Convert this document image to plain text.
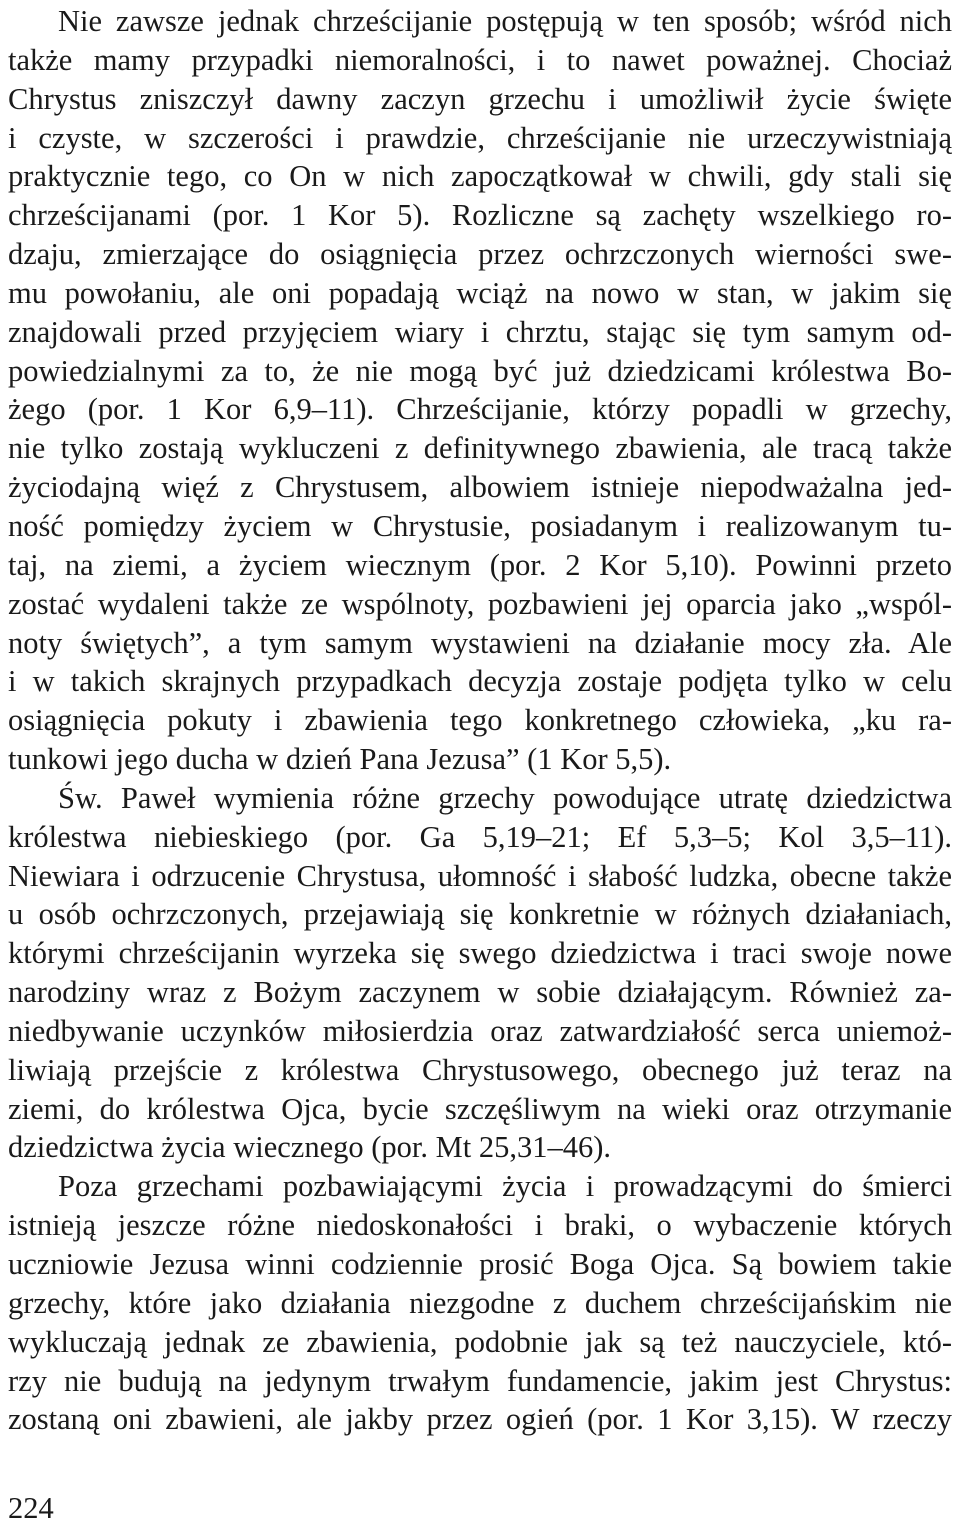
Nie zawsze jednak chrześcijanie postępują w ten sposób; wśród nich
także mamy przypadki niemoralności, i to nawet poważnej. Chociaż
Chrystus zniszczył dawny zaczyn grzechu i umożliwił życie święte
i czyste, w szczerości i prawdzie, chrześcijanie nie urzeczywistniają
praktycznie tego, co On w nich zapoczątkował w chwili, gdy stali się
chrześcijanami (por. 1 Kor 5). Rozliczne są zachęty wszelkiego ro-
dzaju, zmierzające do osiągnięcia przez ochrzczonych wierności swe-
mu powołaniu, ale oni popadają wciąż na nowo w stan, w jakim się
znajdowali przed przyjęciem wiary i chrztu, stając się tym samym od-
powiedzialnymi za to, że nie mogą być już dziedzicami królestwa Bo-
żego (por. 1 Kor 6,9–11). Chrześcijanie, którzy popadli w grzechy,
nie tylko zostają wykluczeni z definitywnego zbawienia, ale tracą także
życiodajną więź z Chrystusem, albowiem istnieje niepodważalna jed-
ność pomiędzy życiem w Chrystusie, posiadanym i realizowanym tu-
taj, na ziemi, a życiem wiecznym (por. 2 Kor 5,10). Powinni przeto
zostać wydaleni także ze wspólnoty, pozbawieni jej oparcia jako „wspól-
noty świętych”, a tym samym wystawieni na działanie mocy zła. Ale
i w takich skrajnych przypadkach decyzja zostaje podjęta tylko w celu
osiągnięcia pokuty i zbawienia tego konkretnego człowieka, „ku ra-
tunkowi jego ducha w dzień Pana Jezusa” (1 Kor 5,5).
Św. Paweł wymienia różne grzechy powodujące utratę dziedzictwa
królestwa niebieskiego (por. Ga 5,19–21; Ef 5,3–5; Kol 3,5–11).
Niewiara i odrzucenie Chrystusa, ułomność i słabość ludzka, obecne także
u osób ochrzczonych, przejawiają się konkretnie w różnych działaniach,
którymi chrześcijanin wyrzeka się swego dziedzictwa i traci swoje nowe
narodziny wraz z Bożym zaczynem w sobie działającym. Również za-
niedbywanie uczynków miłosierdzia oraz zatwardziałość serca uniemoż-
liwiają przejście z królestwa Chrystusowego, obecnego już teraz na
ziemi, do królestwa Ojca, bycie szczęśliwym na wieki oraz otrzymanie
dziedzictwa życia wiecznego (por. Mt 25,31–46).
Poza grzechami pozbawiającymi życia i prowadzącymi do śmierci
istnieją jeszcze różne niedoskonałości i braki, o wybaczenie których
uczniowie Jezusa winni codziennie prosić Boga Ojca. Są bowiem takie
grzechy, które jako działania niezgodne z duchem chrześcijańskim nie
wykluczają jednak ze zbawienia, podobnie jak są też nauczyciele, któ-
rzy nie budują na jedynym trwałym fundamencie, jakim jest Chrystus:
zostaną oni zbawieni, ale jakby przez ogień (por. 1 Kor 3,15). W rzeczy
224
